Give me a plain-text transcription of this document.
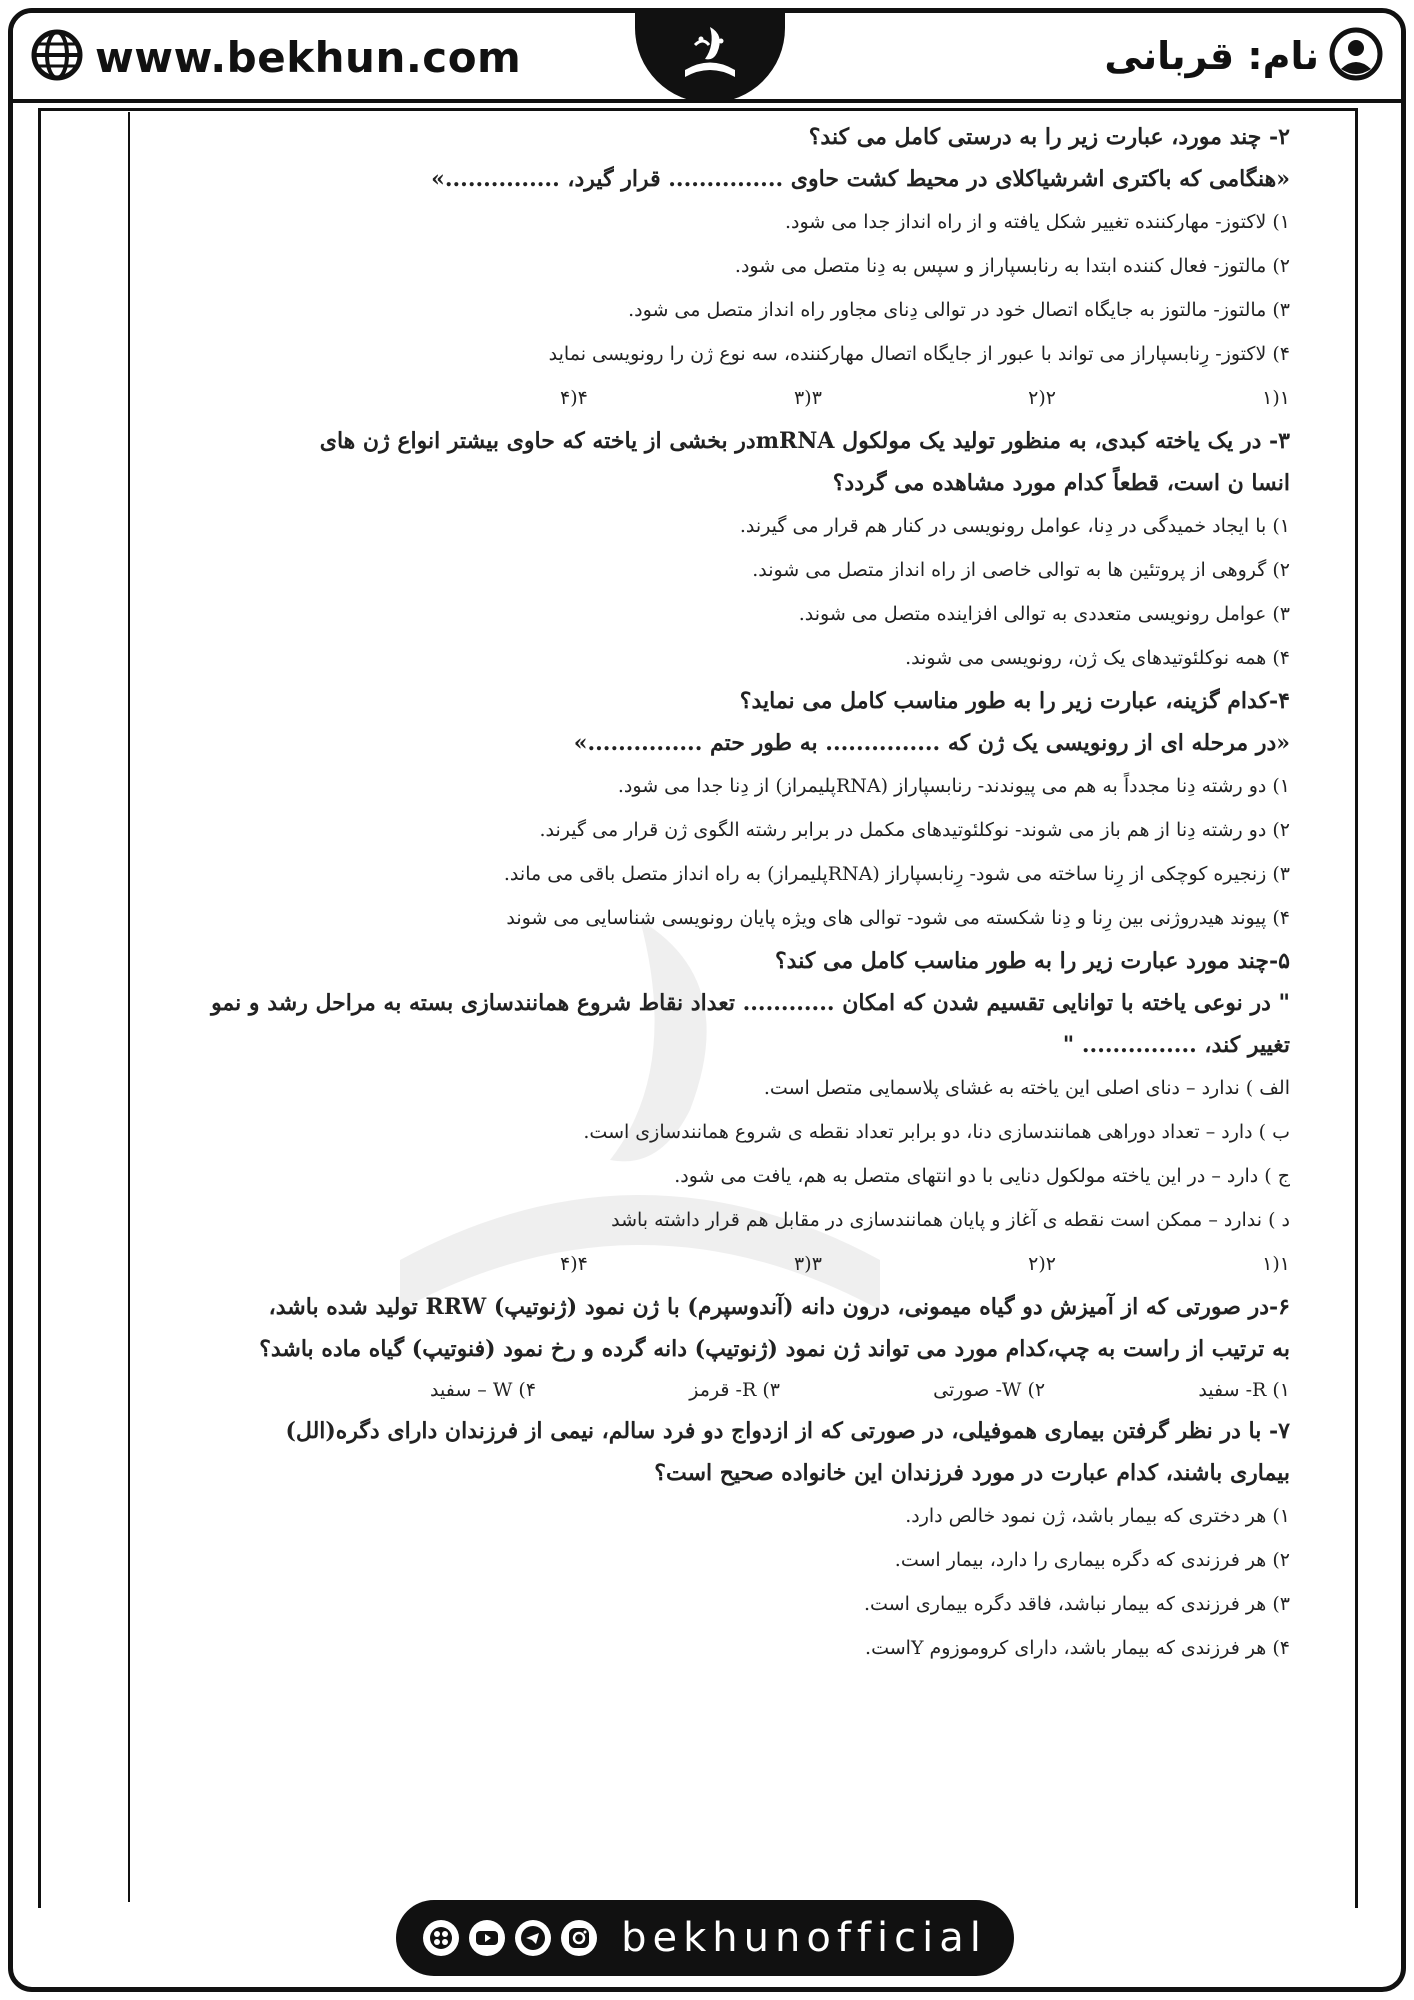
www.bekhun.com	نام: قربانی
۲- چند مورد، عبارت زیر را به درستی کامل می کند؟
«هنگامی که باکتری اشرشیاکلای در محیط کشت حاوی ............... قرار گیرد، ...............»
۱) لاکتوز- مهارکننده تغییر شکل یافته و از راه انداز جدا می شود.
۲) مالتوز- فعال کننده ابتدا به رنابسپاراز و سپس به دِنا متصل می شود.
۳) مالتوز- مالتوز به جایگاه اتصال خود در توالی دِنای مجاور راه انداز متصل می شود.
۴) لاکتوز- رِنابسپاراز می تواند با عبور از جایگاه اتصال مهارکننده، سه نوع ژن را رونویسی نماید
۱(۱
۲(۲
۳(۳
۴(۴
۳- در یک یاخته کبدی، به منظور تولید یک مولکول mRNAدر بخشی از یاخته که حاوی بیشتر انواع ژن های
انسا ن است، قطعاً کدام مورد مشاهده می گردد؟
۱) با ایجاد خمیدگی در دِنا، عوامل رونویسی در کنار هم قرار می گیرند.
۲) گروهی از پروتئین ها به توالی خاصی از راه انداز متصل می شوند.
۳) عوامل رونویسی متعددی به توالی افزاینده متصل می شوند.
۴) همه نوکلئوتیدهای یک ژن، رونویسی می شوند.
۴-کدام گزینه، عبارت زیر را به طور مناسب کامل می نماید؟
«در مرحله ای از رونویسی یک ژن که ............... به طور حتم ...............»
۱) دو رشته دِنا مجدداً به هم می پیوندند- رنابسپاراز (RNAپلیمراز) از دِنا جدا می شود.
۲) دو رشته دِنا از هم باز می شوند- نوکلئوتیدهای مکمل در برابر رشته الگوی ژن قرار می گیرند.
۳) زنجیره کوچکی از رِنا ساخته می شود- رِنابسپاراز (RNAپلیمراز) به راه انداز متصل باقی می ماند.
۴) پیوند هیدروژنی بین رِنا و دِنا شکسته می شود- توالی های ویژه پایان رونویسی شناسایی می شوند
۵-چند مورد عبارت زیر را به طور مناسب کامل می کند؟
" در نوعی یاخته با توانایی تقسیم شدن که امکان ............ تعداد نقاط شروع همانندسازی بسته به مراحل رشد و نمو
تغییر کند، ............... "
الف ) ندارد – دنای اصلی این یاخته به غشای پلاسمایی متصل است.
ب ) دارد – تعداد دوراهی همانندسازی دنا، دو برابر تعداد نقطه ی شروع همانندسازی است.
ج ) دارد – در این یاخته مولکول دنایی با دو انتهای متصل به هم، یافت می شود.
د ) ندارد – ممکن است نقطه ی آغاز و پایان همانندسازی در مقابل هم قرار داشته باشد
۱(۱
۲(۲
۳(۳
۴(۴
۶-در صورتی که از آمیزش دو گیاه میمونی، درون دانه (آندوسپرم) با ژن نمود (ژنوتیپ) RRW تولید شده باشد،
به ترتیب از راست به چپ،کدام مورد می تواند ژن نمود (ژنوتیپ) دانه گرده و رخ نمود (فنوتیپ) گیاه ماده باشد؟
۱) R- سفید
۲) W- صورتی
۳) R- قرمز
۴) W – سفید
۷- با در نظر گرفتن بیماری هموفیلی، در صورتی که از ازدواج دو فرد سالم، نیمی از فرزندان دارای دگره(الل)
بیماری باشند، کدام عبارت در مورد فرزندان این خانواده صحیح است؟
۱) هر دختری که بیمار باشد، ژن نمود خالص دارد.
۲) هر فرزندی که دگره بیماری را دارد، بیمار است.
۳) هر فرزندی که بیمار نباشد، فاقد دگره بیماری است.
۴) هر فرزندی که بیمار باشد، دارای کروموزوم Yاست.
bekhunofficial
